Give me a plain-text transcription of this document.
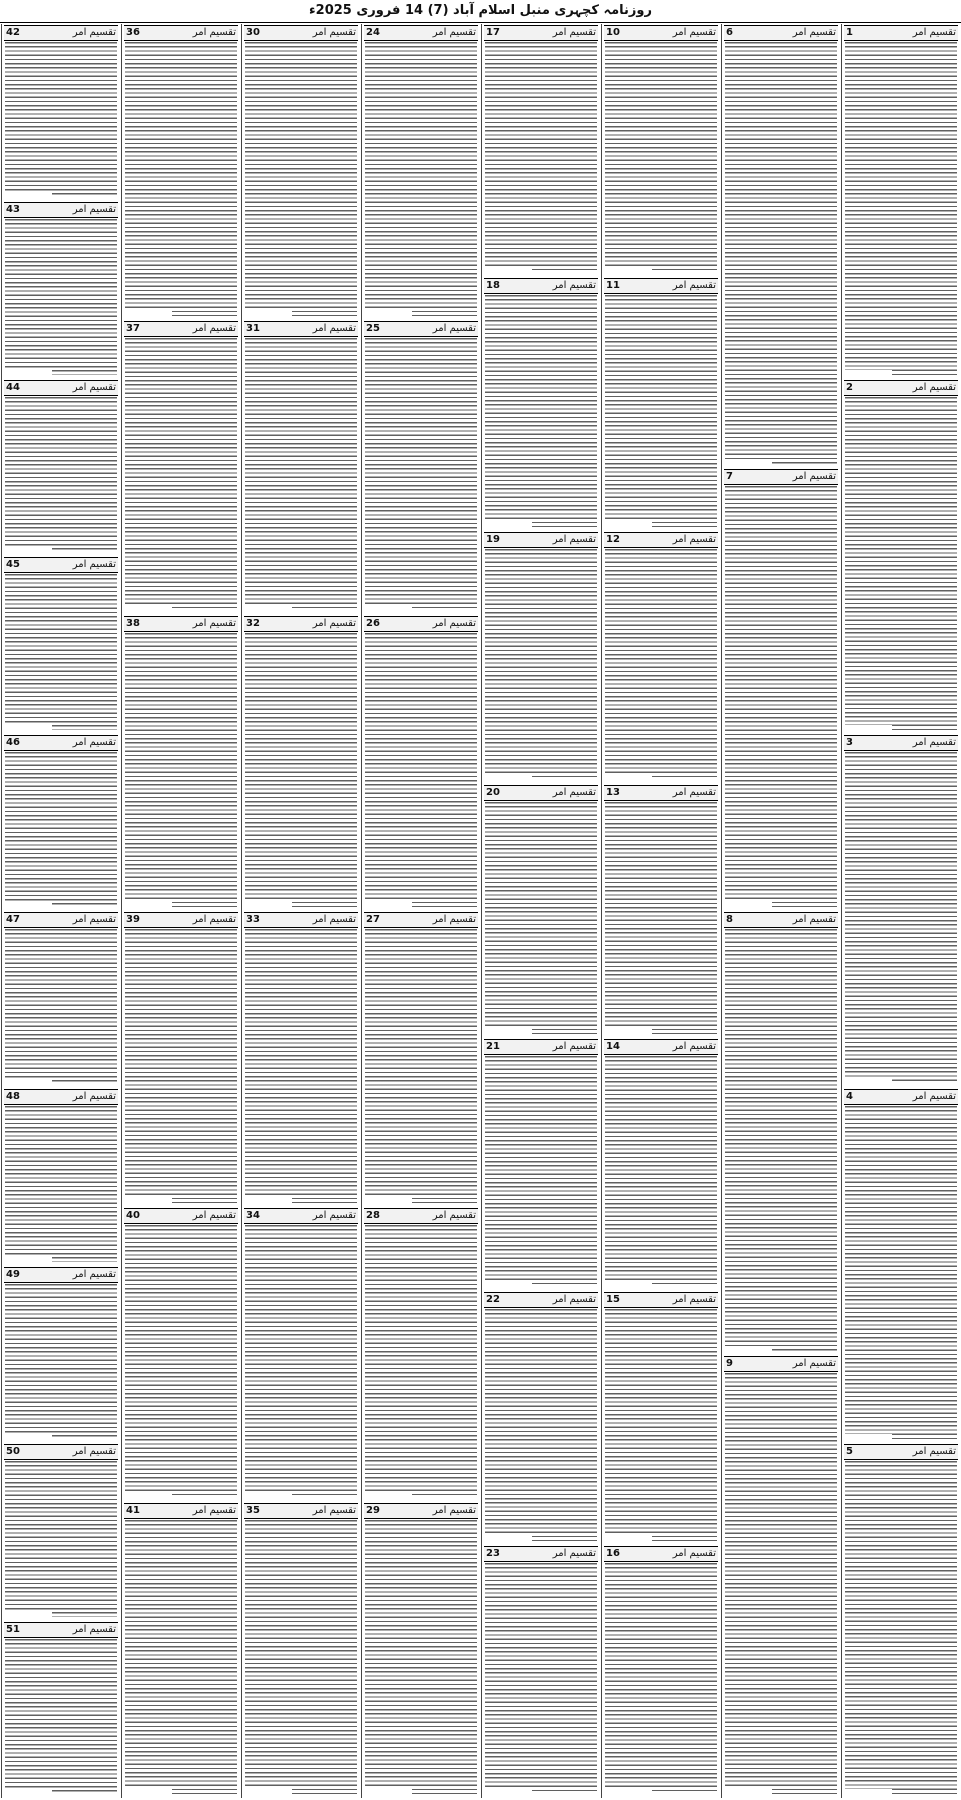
روزنامہ کچہری منبل اسلام آباد (7) 14 فروری 2025ء
تقسیم امر
1
تقسیم امر
2
تقسیم امر
3
تقسیم امر
4
تقسیم امر
5
تقسیم امر
6
تقسیم امر
7
تقسیم امر
8
تقسیم امر
9
تقسیم امر
10
تقسیم امر
11
تقسیم امر
12
تقسیم امر
13
تقسیم امر
14
تقسیم امر
15
تقسیم امر
16
تقسیم امر
17
تقسیم امر
18
تقسیم امر
19
تقسیم امر
20
تقسیم امر
21
تقسیم امر
22
تقسیم امر
23
تقسیم امر
24
تقسیم امر
25
تقسیم امر
26
تقسیم امر
27
تقسیم امر
28
تقسیم امر
29
تقسیم امر
30
تقسیم امر
31
تقسیم امر
32
تقسیم امر
33
تقسیم امر
34
تقسیم امر
35
تقسیم امر
36
تقسیم امر
37
تقسیم امر
38
تقسیم امر
39
تقسیم امر
40
تقسیم امر
41
تقسیم امر
42
تقسیم امر
43
تقسیم امر
44
تقسیم امر
45
تقسیم امر
46
تقسیم امر
47
تقسیم امر
48
تقسیم امر
49
تقسیم امر
50
تقسیم امر
51
